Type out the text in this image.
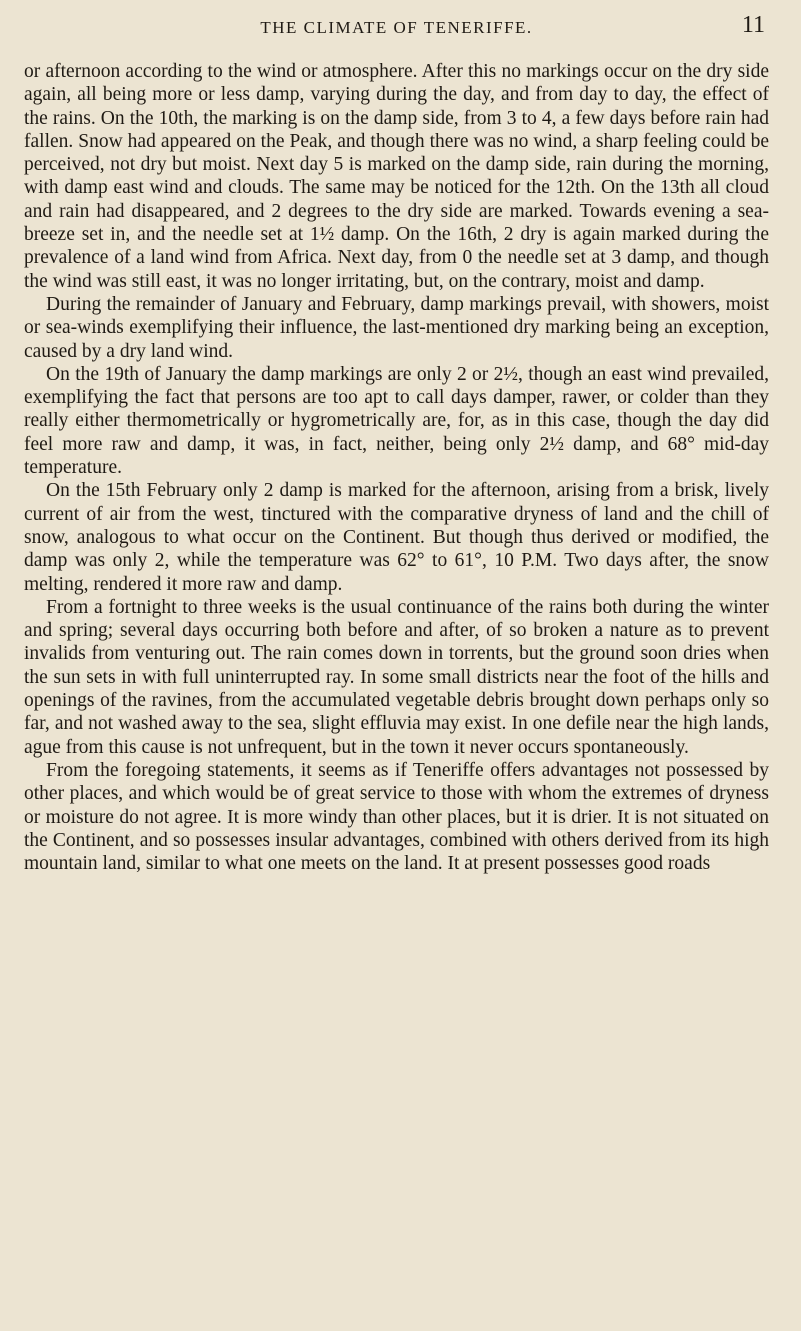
THE CLIMATE OF TENERIFFE.	11

or afternoon according to the wind or atmosphere. After this no markings occur on the dry side again, all being more or less damp, varying during the day, and from day to day, the effect of the rains. On the 10th, the marking is on the damp side, from 3 to 4, a few days before rain had fallen. Snow had appeared on the Peak, and though there was no wind, a sharp feeling could be perceived, not dry but moist. Next day 5 is marked on the damp side, rain during the morning, with damp east wind and clouds. The same may be noticed for the 12th. On the 13th all cloud and rain had disappeared, and 2 degrees to the dry side are marked. Towards evening a sea-breeze set in, and the needle set at 1½ damp. On the 16th, 2 dry is again marked during the prevalence of a land wind from Africa. Next day, from 0 the needle set at 3 damp, and though the wind was still east, it was no longer irritating, but, on the contrary, moist and damp.

During the remainder of January and February, damp markings prevail, with showers, moist or sea-winds exemplifying their influence, the last-mentioned dry marking being an exception, caused by a dry land wind.

On the 19th of January the damp markings are only 2 or 2½, though an east wind prevailed, exemplifying the fact that persons are too apt to call days damper, rawer, or colder than they really either thermometrically or hygrometrically are, for, as in this case, though the day did feel more raw and damp, it was, in fact, neither, being only 2½ damp, and 68° mid-day temperature.

On the 15th February only 2 damp is marked for the afternoon, arising from a brisk, lively current of air from the west, tinctured with the comparative dryness of land and the chill of snow, analogous to what occur on the Continent. But though thus derived or modified, the damp was only 2, while the temperature was 62° to 61°, 10 P.M. Two days after, the snow melting, rendered it more raw and damp.

From a fortnight to three weeks is the usual continuance of the rains both during the winter and spring; several days occurring both before and after, of so broken a nature as to prevent invalids from venturing out. The rain comes down in torrents, but the ground soon dries when the sun sets in with full uninterrupted ray. In some small districts near the foot of the hills and openings of the ravines, from the accumulated vegetable debris brought down perhaps only so far, and not washed away to the sea, slight effluvia may exist. In one defile near the high lands, ague from this cause is not unfrequent, but in the town it never occurs spontaneously.

From the foregoing statements, it seems as if Teneriffe offers advantages not possessed by other places, and which would be of great service to those with whom the extremes of dryness or moisture do not agree. It is more windy than other places, but it is drier. It is not situated on the Continent, and so possesses insular advantages, combined with others derived from its high mountain land, similar to what one meets on the land. It at present possesses good roads
